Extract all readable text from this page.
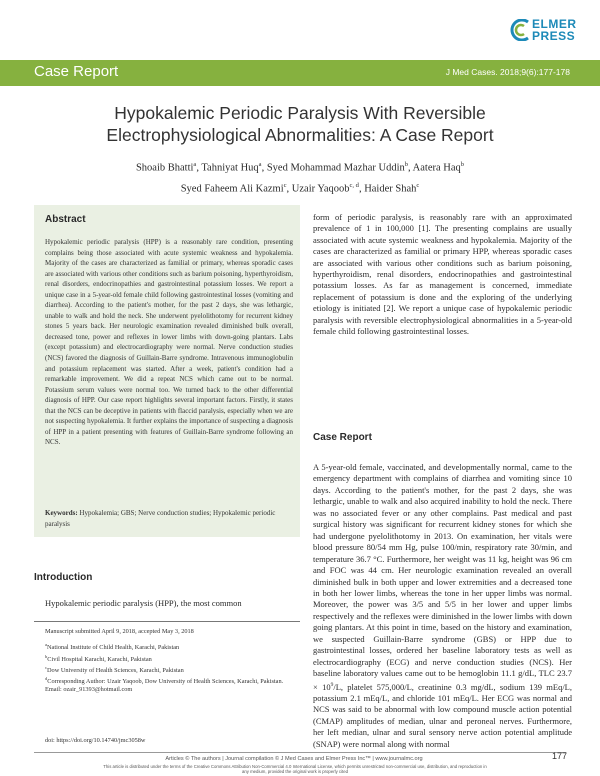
ELMER
PRESS
Case Report	J Med Cases. 2018;9(6):177-178
Hypokalemic Periodic Paralysis With Reversible Electrophysiological Abnormalities: A Case Report
Shoaib Bhatti$^a$, Tahniyat Huq$^a$, Syed Mohammad Mazhar Uddin$^b$, Aatera Haq$^b$
Syed Faheem Ali Kazmi$^c$, Uzair Yaqoob$^{c, d}$, Haider Shah$^c$
Abstract
Hypokalemic periodic paralysis (HPP) is a reasonably rare condition, presenting complains being those associated with acute systemic weakness and hypokalemia. Majority of the cases are characterized as familial or primary, whereas sporadic cases are associated with various other conditions such as barium poisoning, hyperthyroidism, renal disorders, endocrinopathies and gastrointestinal potassium losses. We report a unique case in a 5-year-old female child following gastrointestinal losses (vomiting and diarrhea). According to the patient's mother, for the past 2 days, she was lethargic, unable to walk and hold the neck. She underwent pyelolithotomy for recurrent kidney stones 5 years back. Her neurologic examination revealed diminished bulk overall, decreased tone, power and reflexes in lower limbs with down-going plantars. Labs (except potassium) and electrocardiography were normal. Nerve conduction studies (NCS) favored the diagnosis of Guillain-Barre syndrome. Intravenous immunoglobulin and potassium replacement was started. After a week, patient's condition had a remarkable improvement. We did a repeat NCS which came out to be normal. Potassium serum values were normal too. We turned back to the other differential diagnosis of HPP. Our case report highlights several important factors. Firstly, it states that the NCS can be deceptive in patients with flaccid paralysis, especially when we are not suspecting hypokalemia. It further explains the importance of suspecting a diagnosis of HPP in a patient presenting with features of Guillain-Barre syndrome following an NCS.
Keywords: Hypokalemia; GBS; Nerve conduction studies; Hypokalemic periodic paralysis
Introduction
Hypokalemic periodic paralysis (HPP), the most common
Manuscript submitted April 9, 2018, accepted May 3, 2018
$^a$National Institute of Child Health, Karachi, Pakistan
$^b$Civil Hospital Karachi, Karachi, Pakistan
$^c$Dow University of Health Sciences, Karachi, Pakistan
$^d$Corresponding Author: Uzair Yaqoob, Dow University of Health Sciences, Karachi, Pakistan. Email: ozair_91393@hotmail.com
doi: https://doi.org/10.14740/jmc3058w
form of periodic paralysis, is reasonably rare with an approximated prevalence of 1 in 100,000 [1]. The presenting complains are usually associated with acute systemic weakness and hypokalemia. Majority of the cases are characterized as familial or primary HPP, whereas sporadic cases are associated with various other conditions such as barium poisoning, hyperthyroidism, renal disorders, endocrinopathies and gastrointestinal potassium losses. As far as management is concerned, immediate replacement of potassium is done and the exploring of the underlying etiology is initiated [2]. We report a unique case of hypokalemic periodic paralysis with reversible electrophysiological abnormalities in a 5-year-old female child following gastrointestinal losses.
Case Report
A 5-year-old female, vaccinated, and developmentally normal, came to the emergency department with complains of diarrhea and vomiting since 10 days. According to the patient's mother, for the past 2 days, she was lethargic, unable to walk and also acquired inability to hold the neck. There was no associated fever or any other complains. Past medical and past surgical history was significant for recurrent kidney stones for which she had undergone pyelolithotomy in 2013. On examination, her vitals were blood pressure 80/54 mm Hg, pulse 100/min, respiratory rate 30/min, and temperature 36.7 °C. Furthermore, her weight was 11 kg, height was 96 cm and FOC was 44 cm. Her neurologic examination revealed an overall diminished bulk in both upper and lower extremities and a decreased tone in both her lower limbs, whereas the tone in her upper limbs was normal. Moreover, the power was 3/5 and 5/5 in her lower and upper limbs respectively and the reflexes were diminished in the lower limbs with down going plantars. At this point in time, based on the history and examination, we suspected Guillain-Barre syndrome (GBS) or HPP due to gastrointestinal losses, ordered her baseline laboratory tests as well as electrocardiography (ECG) and nerve conduction studies (NCS). Her baseline laboratory values came out to be hemoglobin 11.1 g/dL, TLC $23.7 \times 10^9/L$, platelet 575,000/L, creatinine 0.3 mg/dL, sodium 139 mEq/L, potassium 2.1 mEq/L, and chloride 101 mEq/L. Her ECG was normal and NCS was said to be abnormal with low compound muscle action potential (CMAP) amplitudes of median, ulnar and peroneal nerves. Furthermore, her left median, ulnar and sural sensory nerve action potential amplitude (SNAP) were normal along with normal
Articles © The authors | Journal compilation © J Med Cases and Elmer Press Inc™ | www.journalmc.org
This article is distributed under the terms of the Creative Commons Attribution Non-Commercial 4.0 International License, which permits unrestricted non-commercial use, distribution, and reproduction in any medium, provided the original work is properly cited
177
